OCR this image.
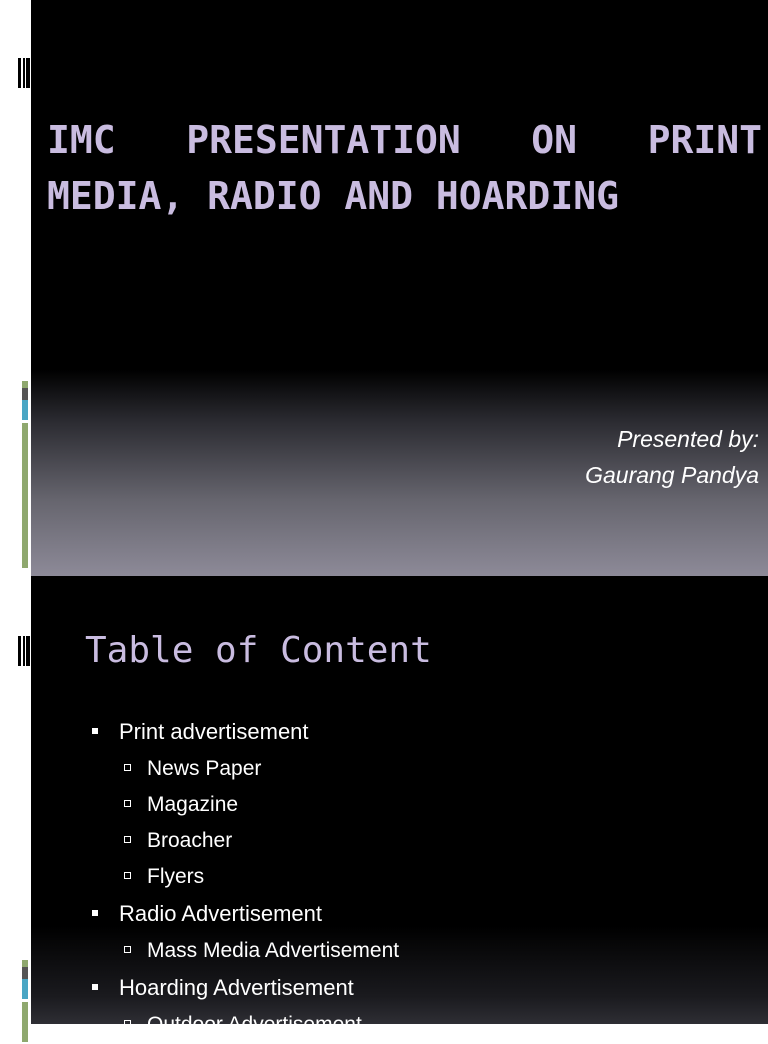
IMC PRESENTATION ON PRINT MEDIA, RADIO AND HOARDING
Presented by:
Gaurang Pandya
Table of Content
Print advertisement
News Paper
Magazine
Broacher
Flyers
Radio Advertisement
Mass Media Advertisement
Hoarding Advertisement
Outdoor Advertisement
